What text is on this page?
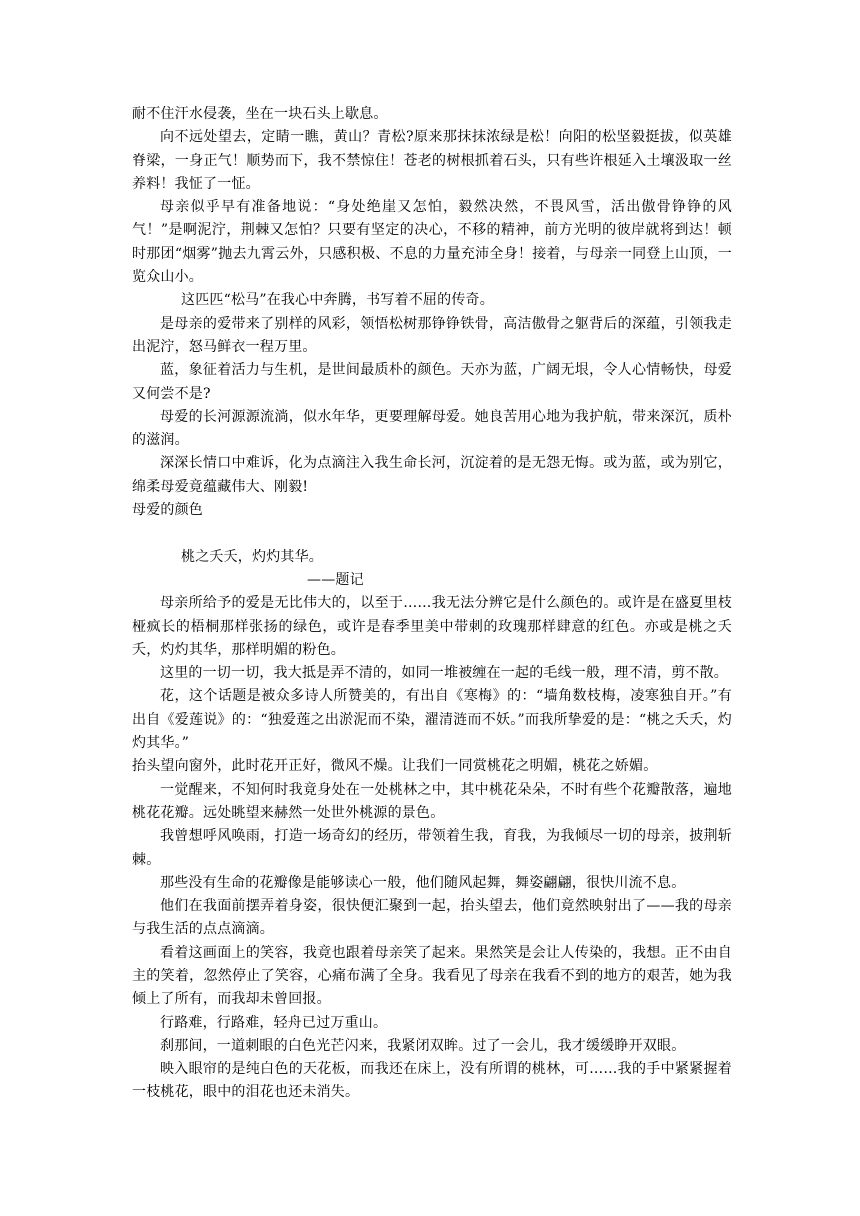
耐不住汗水侵袭，坐在一块石头上歇息。

向不远处望去，定睛一瞧，黄山？青松?原来那抹抹浓绿是松！向阳的松坚毅挺拔，似英雄脊梁，一身正气！顺势而下，我不禁惊住！苍老的树根抓着石头，只有些许根延入土壤汲取一丝养料！我怔了一怔。

母亲似乎早有准备地说：“身处绝崖又怎怕，毅然决然，不畏风雪，活出傲骨铮铮的风气！”是啊泥泞，荆棘又怎怕？只要有坚定的决心，不移的精神，前方光明的彼岸就将到达！顿时那团“烟雾”抛去九霄云外，只感积极、不息的力量充沛全身！接着，与母亲一同登上山顶，一览众山小。

这匹匹“松马”在我心中奔腾，书写着不屈的传奇。

是母亲的爱带来了别样的风彩，领悟松树那铮铮铁骨，高洁傲骨之躯背后的深蕴，引领我走出泥泞，怒马鲜衣一程万里。

蓝，象征着活力与生机，是世间最质朴的颜色。天亦为蓝，广阔无垠，令人心情畅快，母爱又何尝不是?

母爱的长河源源流淌，似水年华，更要理解母爱。她良苦用心地为我护航，带来深沉，质朴的滋润。

深深长情口中难诉，化为点滴注入我生命长河，沉淀着的是无怨无悔。或为蓝，或为别它，绵柔母爱竟蕴藏伟大、刚毅!

母爱的颜色

桃之夭夭，灼灼其华。

——题记

母亲所给予的爱是无比伟大的，以至于……我无法分辨它是什么颜色的。或许是在盛夏里枝桠疯长的梧桐那样张扬的绿色，或许是春季里美中带刺的玫瑰那样肆意的红色。亦或是桃之夭夭，灼灼其华，那样明媚的粉色。

这里的一切一切，我大抵是弄不清的，如同一堆被缠在一起的毛线一般，理不清，剪不散。

花，这个话题是被众多诗人所赞美的，有出自《寒梅》的：“墙角数枝梅，凌寒独自开。”有出自《爱莲说》的：“独爱莲之出淤泥而不染，濯清涟而不妖。”而我所挚爱的是：“桃之夭夭，灼灼其华。”

抬头望向窗外，此时花开正好，微风不燥。让我们一同赏桃花之明媚，桃花之娇媚。

一觉醒来，不知何时我竟身处在一处桃林之中，其中桃花朵朵，不时有些个花瓣散落，遍地桃花花瓣。远处眺望来赫然一处世外桃源的景色。

我曾想呼风唤雨，打造一场奇幻的经历，带领着生我，育我，为我倾尽一切的母亲，披荆斩棘。

那些没有生命的花瓣像是能够读心一般，他们随风起舞，舞姿翩翩，很快川流不息。

他们在我面前摆弄着身姿，很快便汇聚到一起，抬头望去，他们竟然映射出了——我的母亲与我生活的点点滴滴。

看着这画面上的笑容，我竟也跟着母亲笑了起来。果然笑是会让人传染的，我想。正不由自主的笑着，忽然停止了笑容，心痛布满了全身。我看见了母亲在我看不到的地方的艰苦，她为我倾上了所有，而我却未曾回报。

行路难，行路难，轻舟已过万重山。

刹那间，一道刺眼的白色光芒闪来，我紧闭双眸。过了一会儿，我才缓缓睁开双眼。

映入眼帘的是纯白色的天花板，而我还在床上，没有所谓的桃林，可……我的手中紧紧握着一枝桃花，眼中的泪花也还未消失。
